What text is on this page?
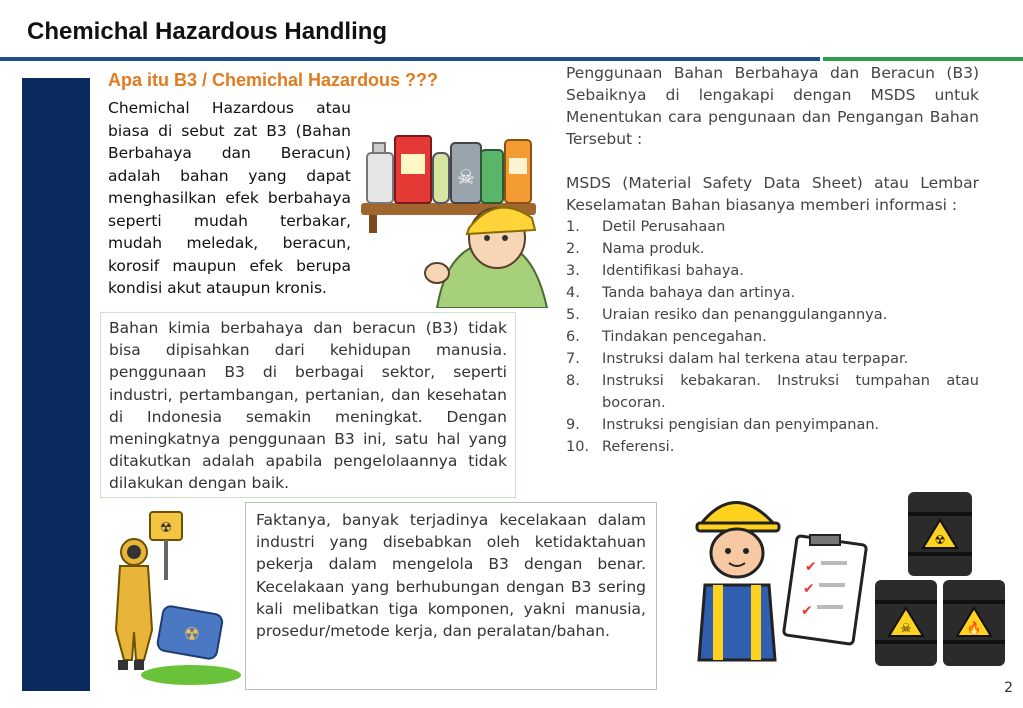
Chemichal Hazardous Handling
Apa itu B3 / Chemichal Hazardous ???
Chemichal Hazardous atau biasa di sebut zat B3 (Bahan Berbahaya dan Beracun) adalah bahan yang dapat menghasilkan efek berbahaya seperti mudah terbakar, mudah meledak, beracun, korosif maupun efek berupa kondisi akut ataupun kronis.
☠
Bahan kimia berbahaya dan beracun (B3) tidak bisa dipisahkan dari kehidupan manusia. penggunaan B3 di berbagai sektor, seperti industri, pertambangan, pertanian, dan kesehatan di Indonesia semakin meningkat. Dengan meningkatnya penggunaan B3 ini, satu hal yang ditakutkan adalah apabila pengelolaannya tidak dilakukan dengan baik.
Faktanya, banyak terjadinya kecelakaan dalam industri yang disebabkan oleh ketidaktahuan pekerja dalam mengelola B3 dengan benar. Kecelakaan yang berhubungan dengan B3 sering kali melibatkan tiga komponen, yakni manusia, prosedur/metode kerja, dan peralatan/bahan.
☢
☢

Penggunaan Bahan Berbahaya dan Beracun (B3) Sebaiknya di lengakapi dengan MSDS untuk Menentukan cara pengunaan dan Pengangan Bahan Tersebut :

MSDS (Material Safety Data Sheet) atau Lembar Keselamatan Bahan biasanya memberi informasi :

1.	Detil Perusahaan
2.	Nama produk.
3.	Identifikasi bahaya.
4.	Tanda bahaya dan artinya.
5.	Uraian resiko dan penanggulangannya.
6.	Tindakan pencegahan.
7.	Instruksi dalam hal terkena atau terpapar.
8.	Instruksi kebakaran. Instruksi tumpahan atau bocoran.
9.	Instruksi pengisian dan penyimpanan.
10. Referensi.
✔
✔
✔
☢
☠	🔥
2
